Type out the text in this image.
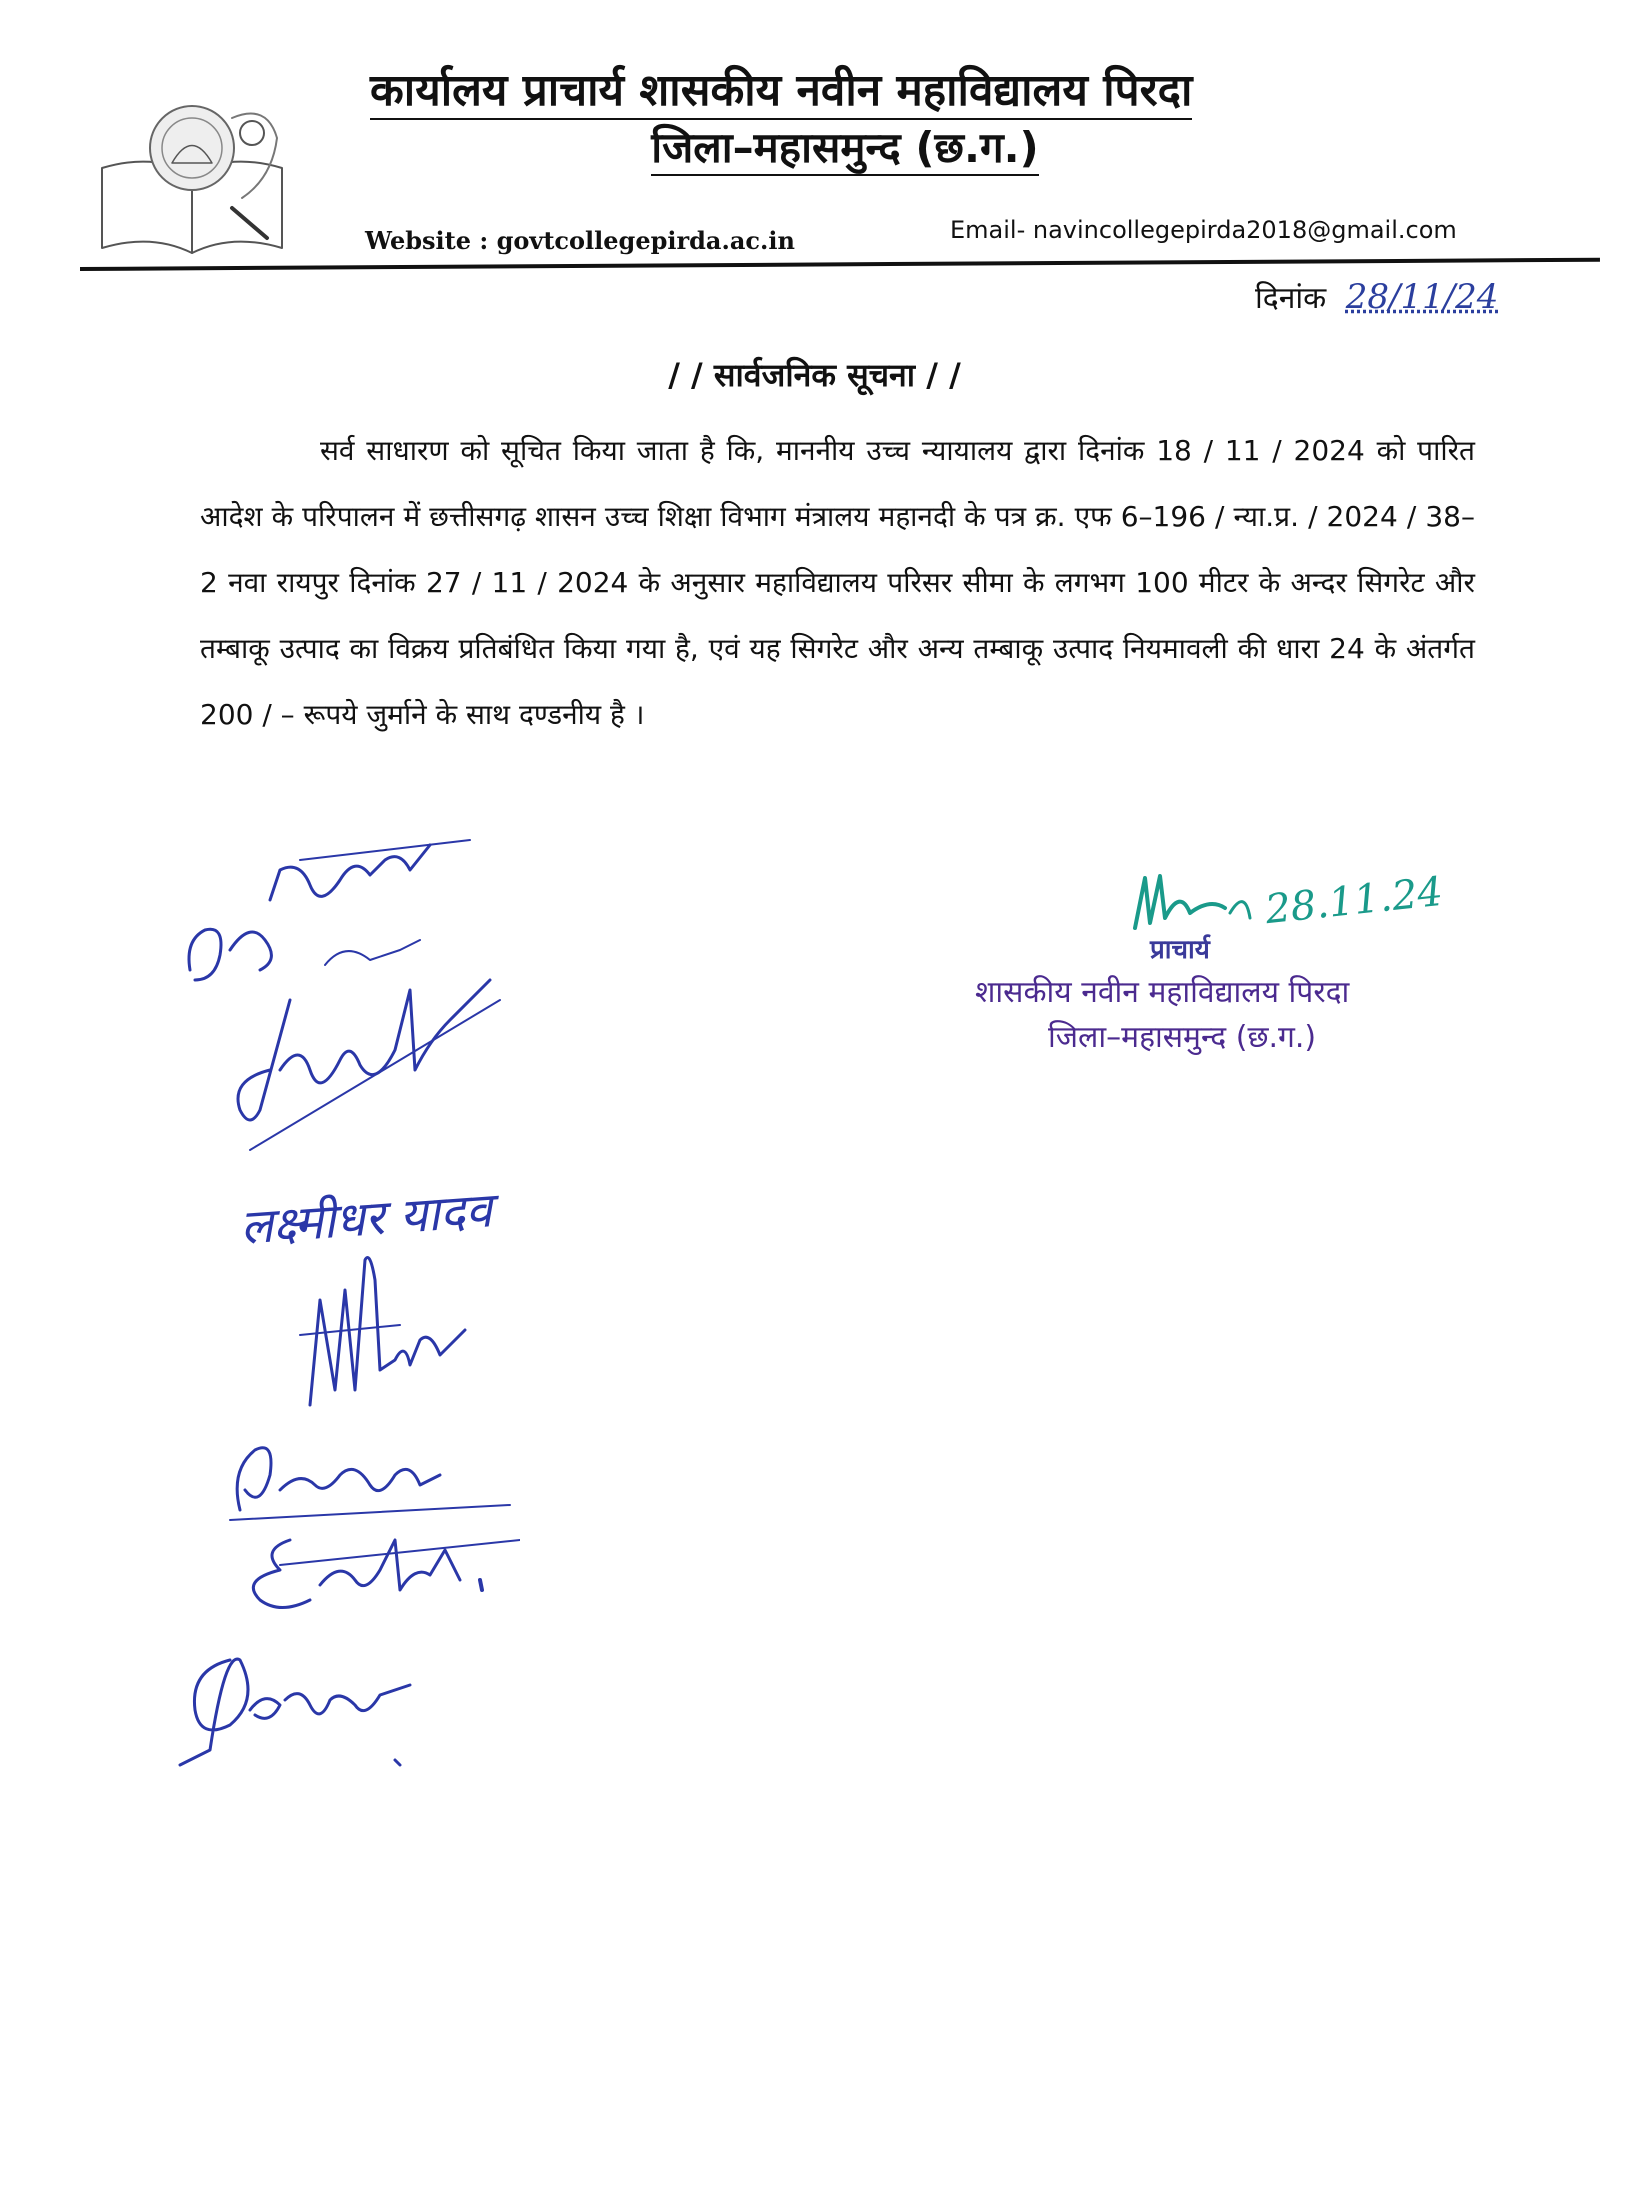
कार्यालय प्राचार्य शासकीय नवीन महाविद्यालय पिरदा
जिला–महासमुन्द (छ.ग.)
Website : govtcollegepirda.ac.in	Email- navincollegepirda2018@gmail.com
दिनांक 28/11/24
/ / सार्वजनिक सूचना / /
सर्व साधारण को सूचित किया जाता है कि, माननीय उच्च न्यायालय द्वारा दिनांक 18 / 11 / 2024 को पारित आदेश के परिपालन में छत्तीसगढ़ शासन उच्च शिक्षा विभाग मंत्रालय महानदी के पत्र क्र. एफ 6–196 / न्या.प्र. / 2024 / 38–2 नवा रायपुर दिनांक 27 / 11 / 2024 के अनुसार महाविद्यालय परिसर सीमा के लगभग 100 मीटर के अन्दर सिगरेट और तम्बाकू उत्पाद का विक्रय प्रतिबंधित किया गया है, एवं यह सिगरेट और अन्य तम्बाकू उत्पाद नियमावली की धारा 24 के अंतर्गत 200 / – रूपये जुर्माने के साथ दण्डनीय है ।
28.11.24
प्राचार्य
शासकीय नवीन महाविद्यालय पिरदा
जिला–महासमुन्द (छ.ग.)
लक्ष्मीधर यादव
